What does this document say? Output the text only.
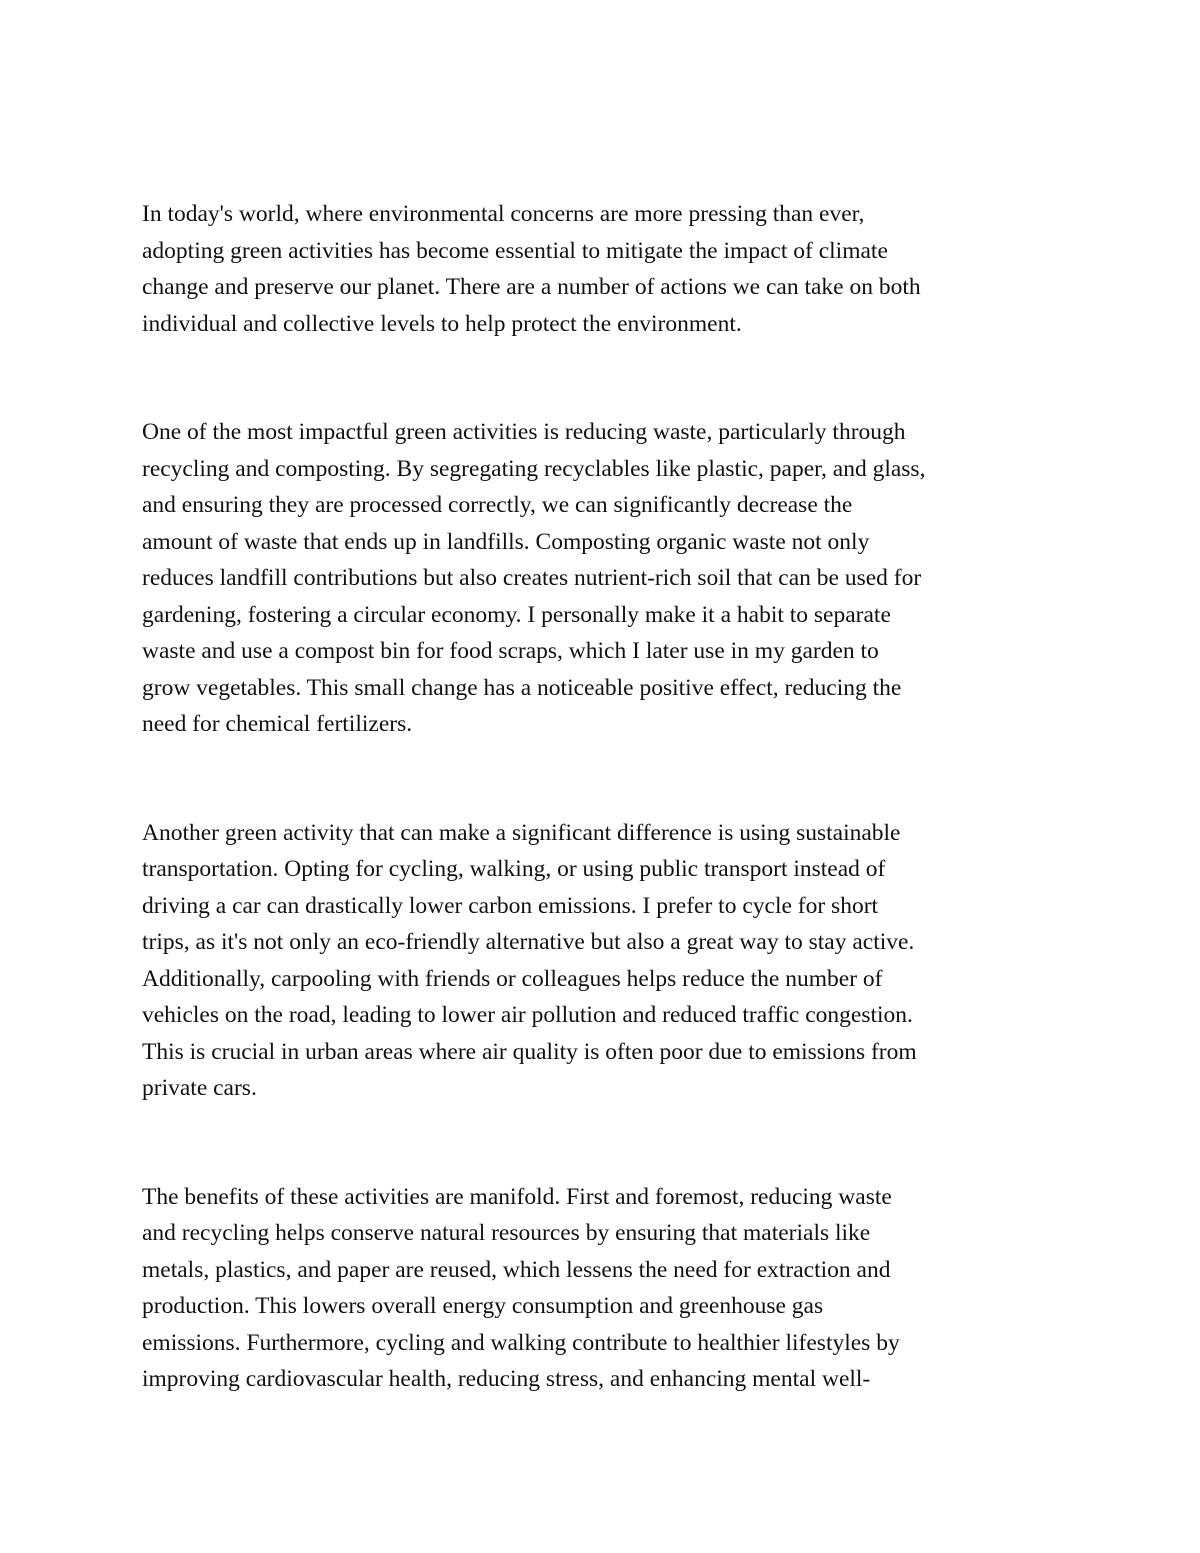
In today's world, where environmental concerns are more pressing than ever,
adopting green activities has become essential to mitigate the impact of climate
change and preserve our planet. There are a number of actions we can take on both
individual and collective levels to help protect the environment.

One of the most impactful green activities is reducing waste, particularly through
recycling and composting. By segregating recyclables like plastic, paper, and glass,
and ensuring they are processed correctly, we can significantly decrease the
amount of waste that ends up in landfills. Composting organic waste not only
reduces landfill contributions but also creates nutrient-rich soil that can be used for
gardening, fostering a circular economy. I personally make it a habit to separate
waste and use a compost bin for food scraps, which I later use in my garden to
grow vegetables. This small change has a noticeable positive effect, reducing the
need for chemical fertilizers.

Another green activity that can make a significant difference is using sustainable
transportation. Opting for cycling, walking, or using public transport instead of
driving a car can drastically lower carbon emissions. I prefer to cycle for short
trips, as it's not only an eco-friendly alternative but also a great way to stay active.
Additionally, carpooling with friends or colleagues helps reduce the number of
vehicles on the road, leading to lower air pollution and reduced traffic congestion.
This is crucial in urban areas where air quality is often poor due to emissions from
private cars.

The benefits of these activities are manifold. First and foremost, reducing waste
and recycling helps conserve natural resources by ensuring that materials like
metals, plastics, and paper are reused, which lessens the need for extraction and
production. This lowers overall energy consumption and greenhouse gas
emissions. Furthermore, cycling and walking contribute to healthier lifestyles by
improving cardiovascular health, reducing stress, and enhancing mental well-
